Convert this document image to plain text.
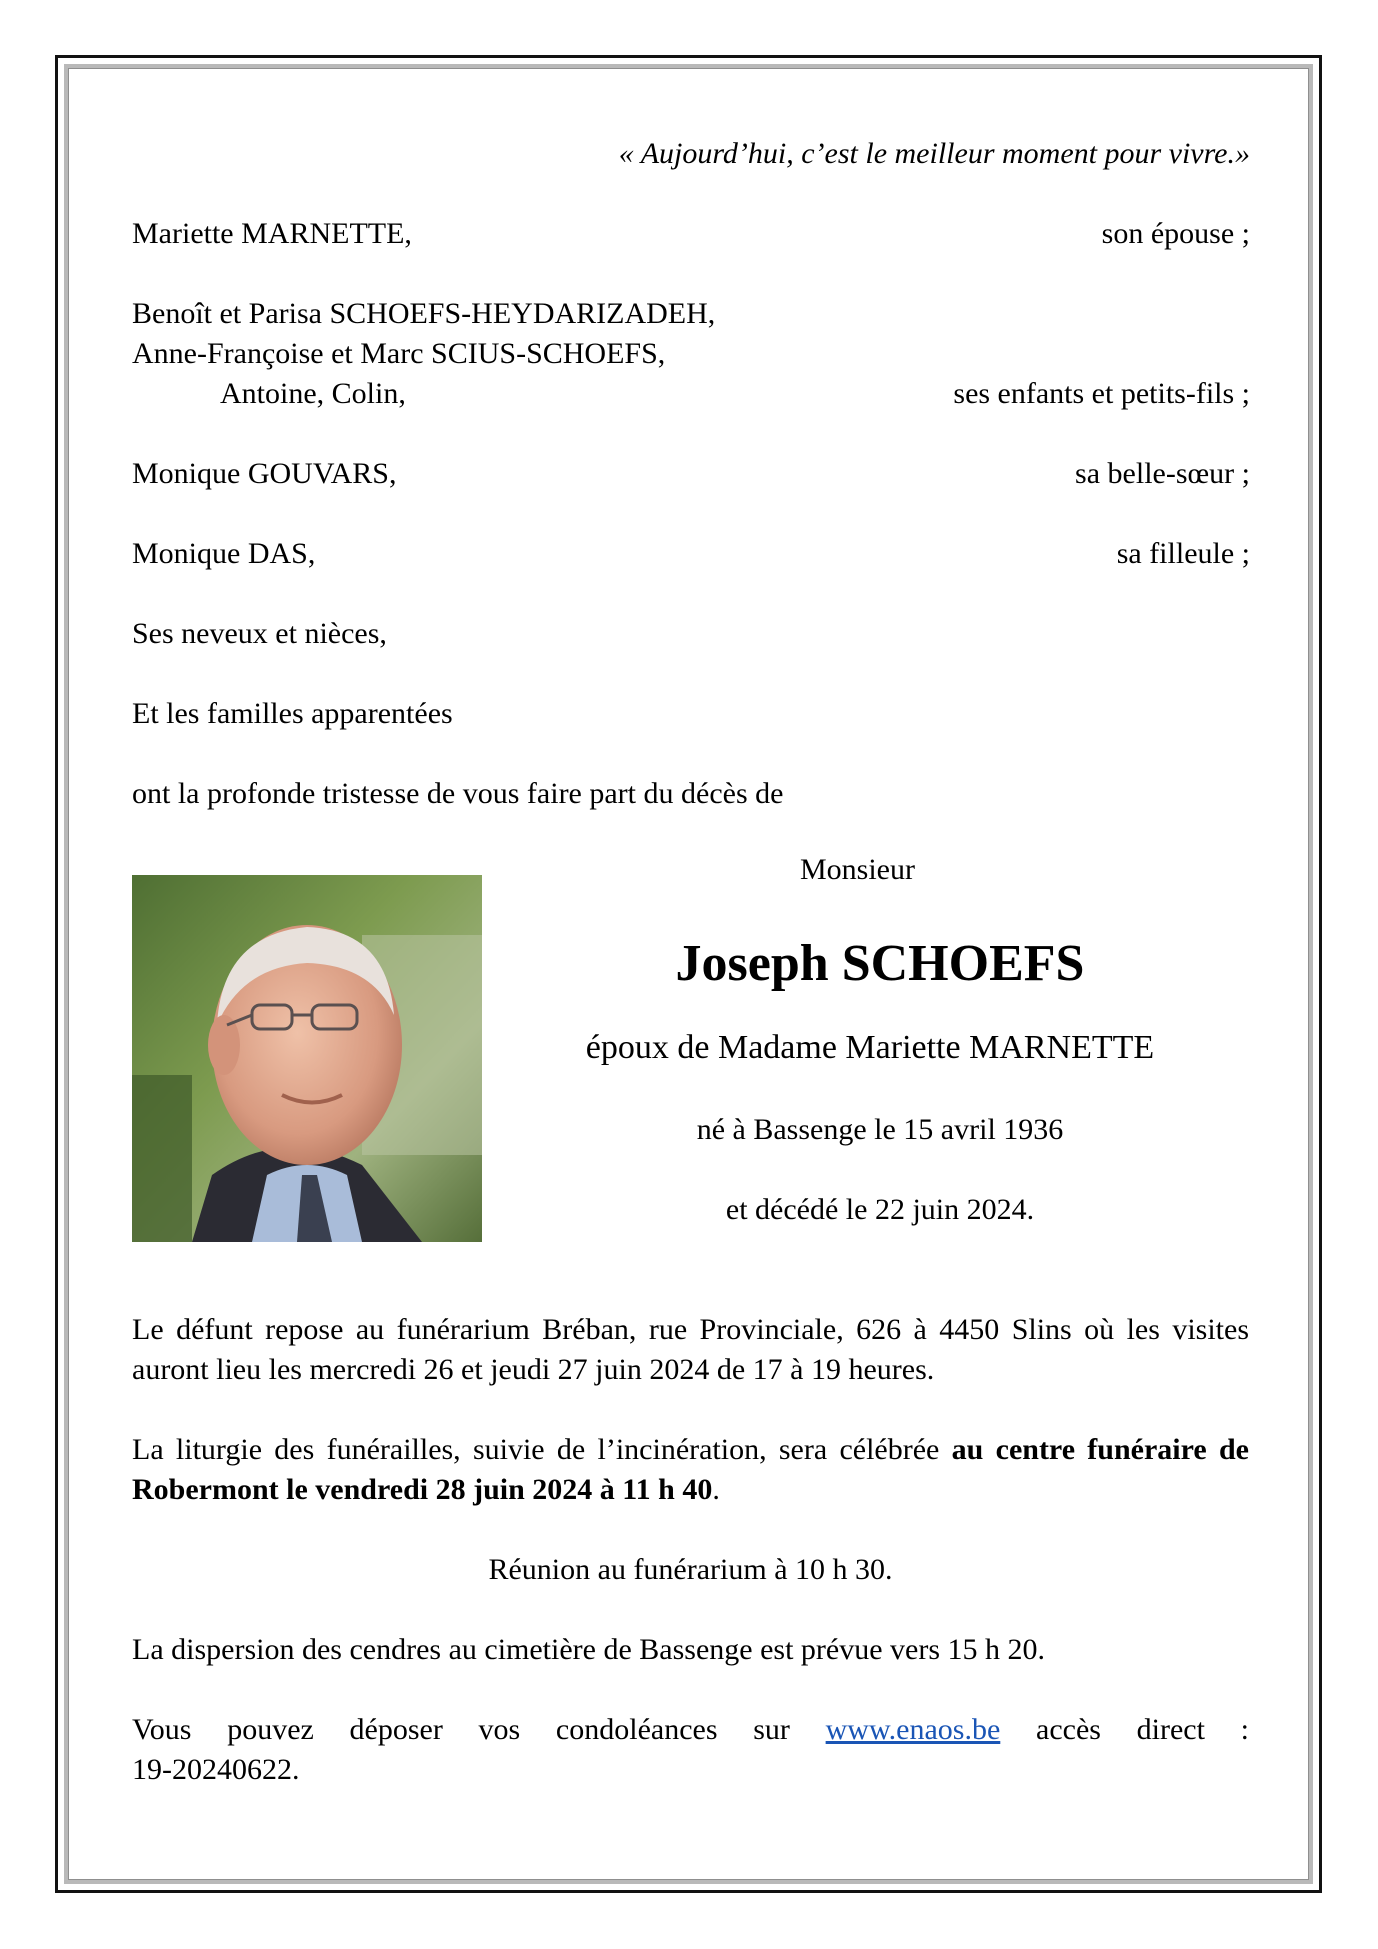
« Aujourd’hui, c’est le meilleur moment pour vivre.»
Mariette MARNETTE,	son épouse ;
Benoît et Parisa SCHOEFS-HEYDARIZADEH,
Anne-Françoise et Marc SCIUS-SCHOEFS,
Antoine, Colin,	ses enfants et petits-fils ;
Monique GOUVARS,	sa belle-sœur ;
Monique DAS,	sa filleule ;
Ses neveux et nièces,
Et les familles apparentées
ont la profonde tristesse de vous faire part du décès de
Monsieur
Joseph SCHOEFS
époux de Madame Mariette MARNETTE
né à Bassenge le 15 avril 1936
et décédé le 22 juin 2024.
Le défunt repose au funérarium Bréban, rue Provinciale, 626 à 4450 Slins où les visites auront lieu les mercredi 26 et jeudi 27 juin 2024 de 17 à 19 heures.
La liturgie des funérailles, suivie de l’incinération, sera célébrée au centre funéraire de Robermont le vendredi 28 juin 2024 à 11 h 40.
Réunion au funérarium à 10 h 30.
La dispersion des cendres au cimetière de Bassenge est prévue vers 15 h 20.
Vous pouvez déposer vos condoléances sur www.enaos.be accès direct :
19-20240622.
